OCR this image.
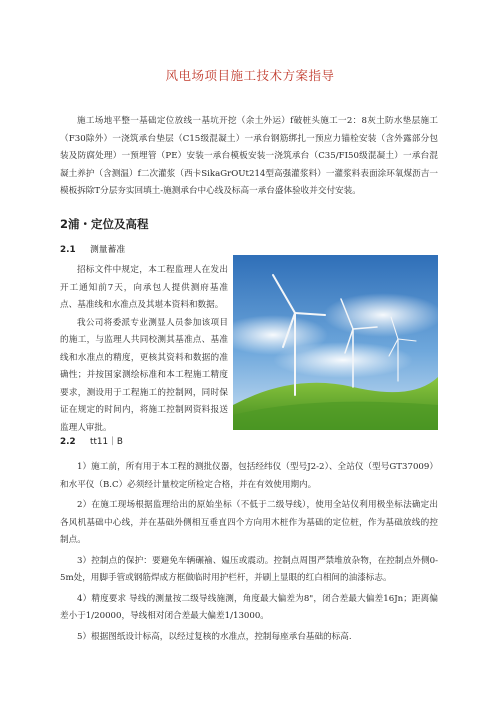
风电场项目施工技术方案指导

施工场地平整一基础定位放线一基坑开挖（余土外运）f破桩头施工一2：8灰土防水垫层施工（F30除外）一浇筑承台垫层（C15级混凝土）一承台钢筋绑扎一预应力锚栓安装（含外露部分包装及防腐处理）一预埋管（PE）安装一承台模板安装一浇筑承台（C35/FI50级混凝土）一承台混凝土养护（含测温）f二次灌浆（西卡SikaGrOUt214型高强灌浆料）一灌浆料表面涂环氧煤沥吉一模板拆除T分层夯实回填土-施测承台中心线及标高一承台盛体验收并交付安装。

2浦・定位及高程
2.1 测量蓄准

招标文件中规定，本工程监理人在发出开工通知前7天，向承包人提供测府基准点、基准线和水准点及其堪本资料和数据。

我公司将委派专业测显人员参加该项目的施工，与监理人共同校测其基准点、基准线和水准点的精度，更核其资料和数据的准确性；并按国家测绘标准和本工程施工精度要求，测设用于工程施工的控制网，同时保证在规定的时间内，将施工控制网资料报送监理人审批。

2.2 tt11｜B

1）施工前，所有用于本工程的测批仪器，包括经纬仪（型号J2-2）、全站仪（型号GT37009）和水平仪（B.C）必须经计量校定所检定合格，并在有效使用期内。

2）在施工现场根据监理给出的原始坐标（不低于二级导线），使用全站仪利用极坐标法确定出各风机基础中心线，并在基础外侧相互垂直四个方向用木桩作为基础的定位桩，作为基础放线的控制点。

3）控制点的保护：要避免车辆碾褕、媪压或震动。控制点周围严禁堆放杂物，在控制点外侧0-5m处，用脚手管或钢筋焊成方框做临时用护栏杆，并刷上显眼的红白相间的油漆标志。

4）精度要求 导线的测量按二级导线施测，角度最大偏差为8"，闭合差最大偏差16Jn；距离偏差小于1/20000，导线相对闭合差最大偏差1/13000。

5）根据图纸设计标高，以经过复核的水准点，控制每座承台基础的标高.
